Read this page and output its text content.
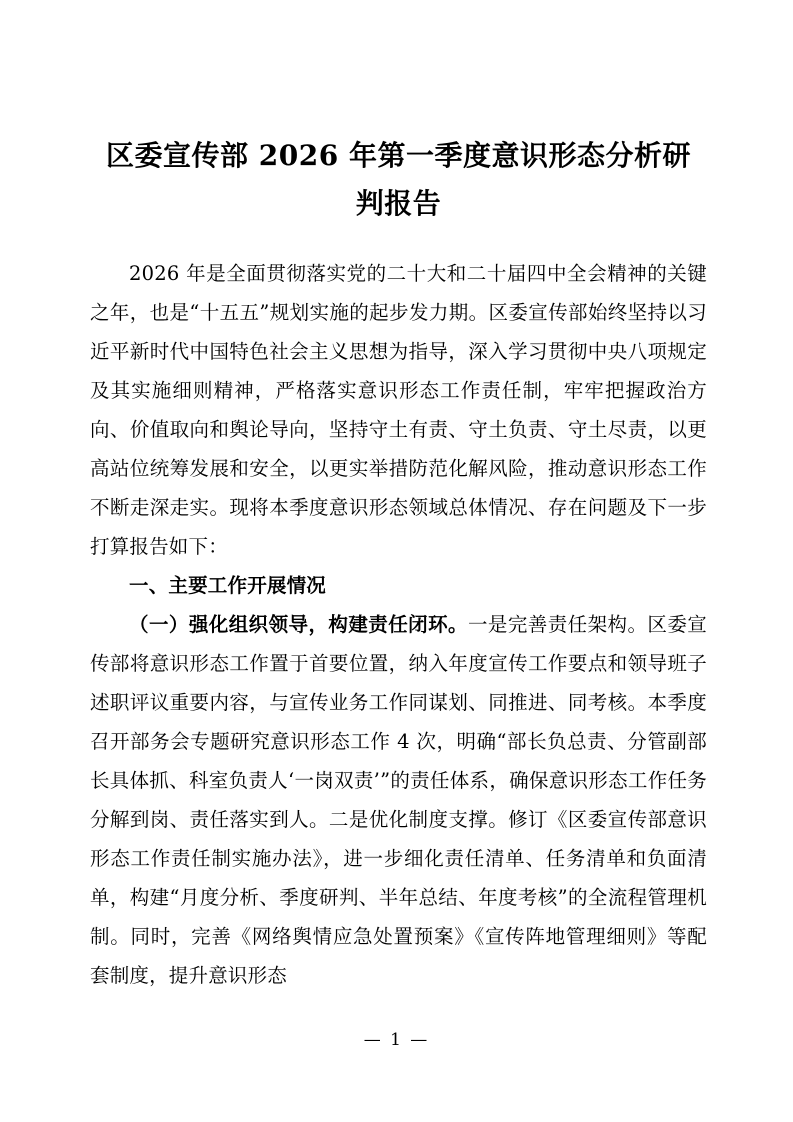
区委宣传部 2026 年第一季度意识形态分析研判报告

2026 年是全面贯彻落实党的二十大和二十届四中全会精神的关键之年，也是“十五五”规划实施的起步发力期。区委宣传部始终坚持以习近平新时代中国特色社会主义思想为指导，深入学习贯彻中央八项规定及其实施细则精神，严格落实意识形态工作责任制，牢牢把握政治方向、价值取向和舆论导向，坚持守土有责、守土负责、守土尽责，以更高站位统筹发展和安全，以更实举措防范化解风险，推动意识形态工作不断走深走实。现将本季度意识形态领域总体情况、存在问题及下一步打算报告如下：

一、主要工作开展情况

（一）强化组织领导，构建责任闭环。一是完善责任架构。区委宣传部将意识形态工作置于首要位置，纳入年度宣传工作要点和领导班子述职评议重要内容，与宣传业务工作同谋划、同推进、同考核。本季度召开部务会专题研究意识形态工作 4 次，明确“部长负总责、分管副部长具体抓、科室负责人‘一岗双责’”的责任体系，确保意识形态工作任务分解到岗、责任落实到人。二是优化制度支撑。修订《区委宣传部意识形态工作责任制实施办法》，进一步细化责任清单、任务清单和负面清单，构建“月度分析、季度研判、半年总结、年度考核”的全流程管理机制。同时，完善《网络舆情应急处置预案》《宣传阵地管理细则》等配套制度，提升意识形态

— 1 —
